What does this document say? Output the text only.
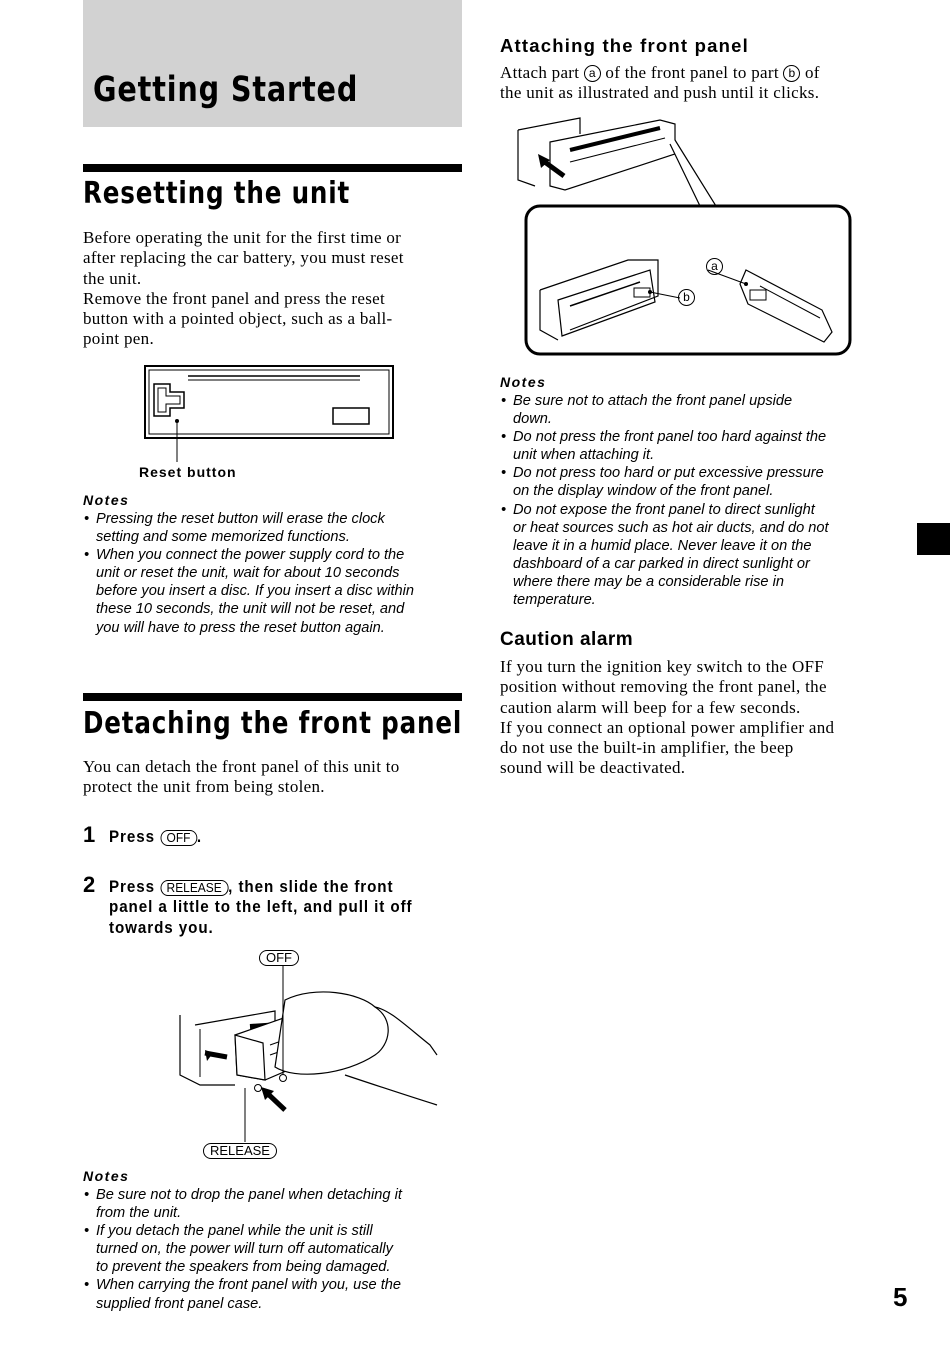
Getting Started
Resetting the unit
Before operating the unit for the first time or
after replacing the car battery, you must reset
the unit.
Remove the front panel and press the reset
button with a pointed object, such as a ball-
point pen.
Reset button
Notes
• Pressing the reset button will erase the clock
setting and some memorized functions.
• When you connect the power supply cord to the
unit or reset the unit, wait for about 10 seconds
before you insert a disc. If you insert a disc within
these 10 seconds, the unit will not be reset, and
you will have to press the reset button again.
Detaching the front panel
You can detach the front panel of this unit to
protect the unit from being stolen.
1 Press OFF .
2 Press RELEASE , then slide the front
panel a little to the left, and pull it off
towards you.
OFF
RELEASE
Notes
• Be sure not to drop the panel when detaching it
from the unit.
• If you detach the panel while the unit is still
turned on, the power will turn off automatically
to prevent the speakers from being damaged.
• When carrying the front panel with you, use the
supplied front panel case.
Attaching the front panel
Attach part a of the front panel to part b of
the unit as illustrated and push until it clicks.
a
b
Notes
• Be sure not to attach the front panel upside
down.
• Do not press the front panel too hard against the
unit when attaching it.
• Do not press too hard or put excessive pressure
on the display window of the front panel.
• Do not expose the front panel to direct sunlight
or heat sources such as hot air ducts, and do not
leave it in a humid place. Never leave it on the
dashboard of a car parked in direct sunlight or
where there may be a considerable rise in
temperature.
Caution alarm
If you turn the ignition key switch to the OFF
position without removing the front panel, the
caution alarm will beep for a few seconds.
If you connect an optional power amplifier and
do not use the built-in amplifier, the beep
sound will be deactivated.
5
